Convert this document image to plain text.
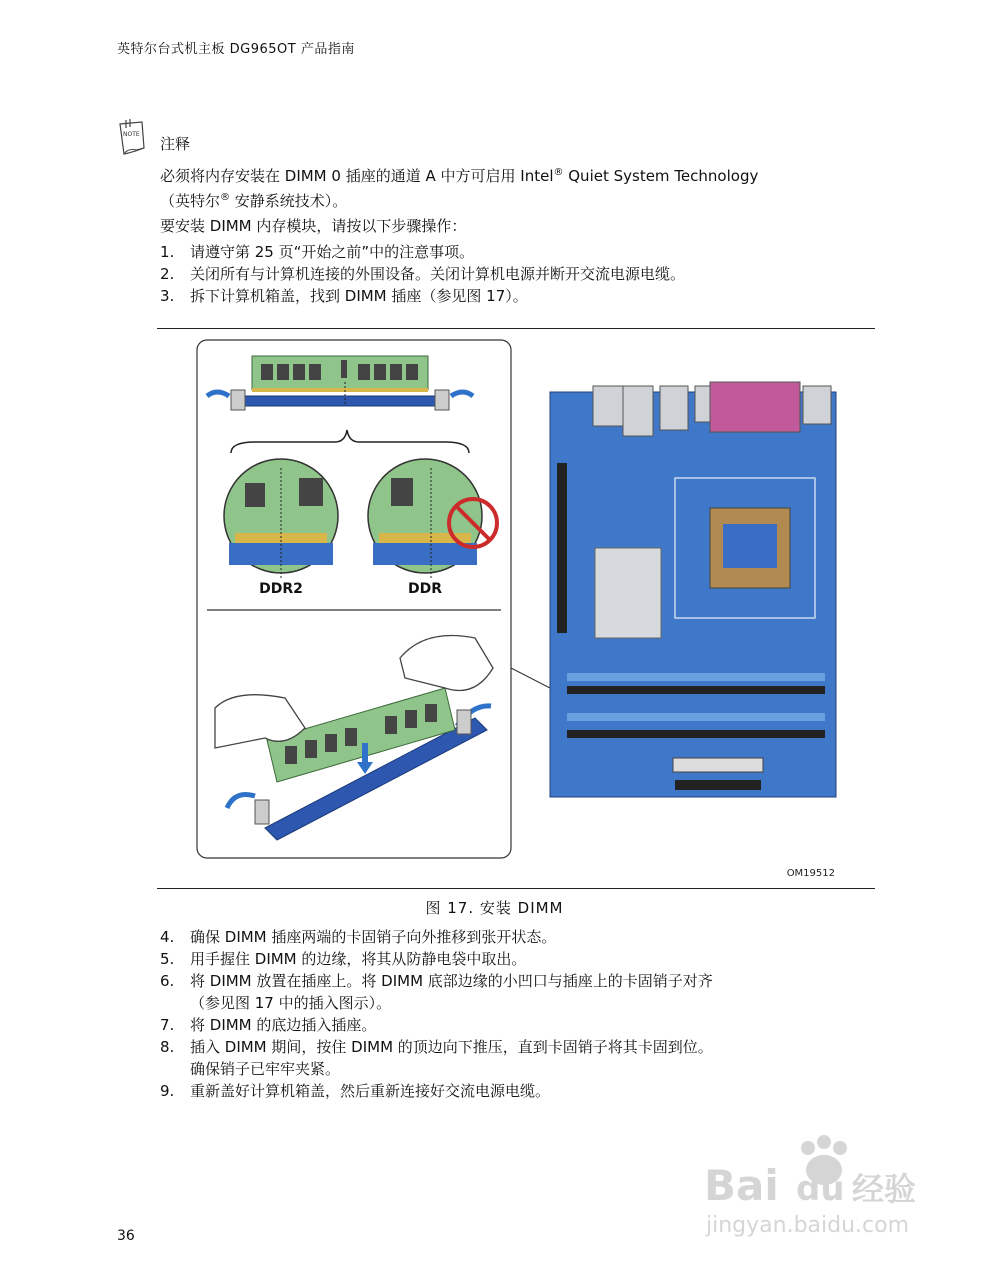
英特尔台式机主板 DG965OT 产品指南
NOTE
注释
必须将内存安装在 DIMM 0 插座的通道 A 中方可启用 Intel® Quiet System Technology
（英特尔® 安静系统技术）。
要安装 DIMM 内存模块，请按以下步骤操作：
1. 请遵守第 25 页“开始之前”中的注意事项。
2. 关闭所有与计算机连接的外围设备。关闭计算机电源并断开交流电源电缆。
3. 拆下计算机箱盖，找到 DIMM 插座（参见图 17）。
DDR2	DDR
OM19512
图 17. 安装 DIMM
4. 确保 DIMM 插座两端的卡固销子向外推移到张开状态。
5. 用手握住 DIMM 的边缘，将其从防静电袋中取出。
6. 将 DIMM 放置在插座上。将 DIMM 底部边缘的小凹口与插座上的卡固销子对齐
（参见图 17 中的插入图示）。
7. 将 DIMM 的底边插入插座。
8. 插入 DIMM 期间，按住 DIMM 的顶边向下推压，直到卡固销子将其卡固到位。
确保销子已牢牢夹紧。
9. 重新盖好计算机箱盖，然后重新连接好交流电源电缆。
Bai du 经验
jingyan.baidu.com
36
